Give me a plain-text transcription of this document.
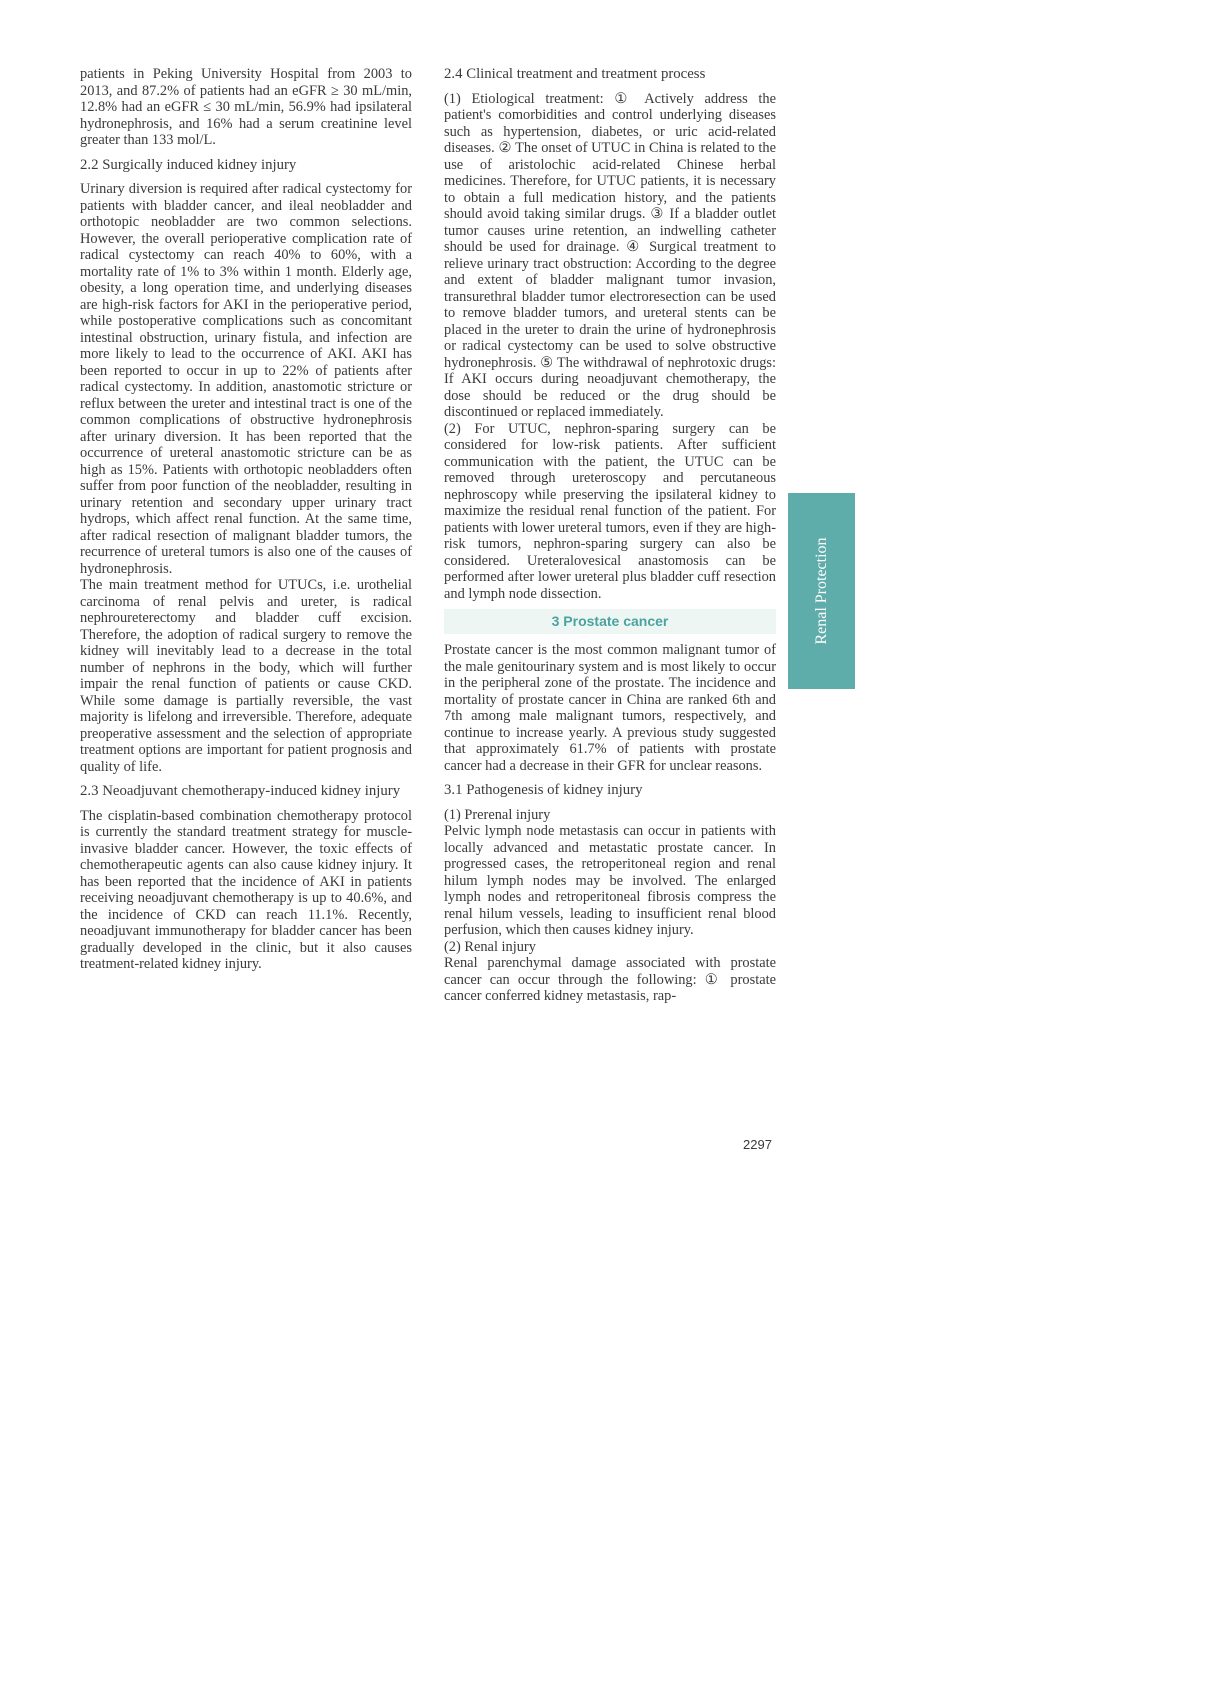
patients in Peking University Hospital from 2003 to 2013, and 87.2% of patients had an eGFR ≥ 30 mL/min, 12.8% had an eGFR ≤ 30 mL/min, 56.9% had ipsilateral hydronephrosis, and 16% had a serum creatinine level greater than 133 mol/L.

2.2 Surgically induced kidney injury

Urinary diversion is required after radical cystectomy for patients with bladder cancer, and ileal neobladder and orthotopic neobladder are two common selections. However, the overall perioperative complication rate of radical cystectomy can reach 40% to 60%, with a mortality rate of 1% to 3% within 1 month. Elderly age, obesity, a long operation time, and underlying diseases are high-risk factors for AKI in the perioperative period, while postoperative complications such as concomitant intestinal obstruction, urinary fistula, and infection are more likely to lead to the occurrence of AKI. AKI has been reported to occur in up to 22% of patients after radical cystectomy. In addition, anastomotic stricture or reflux between the ureter and intestinal tract is one of the common complications of obstructive hydronephrosis after urinary diversion. It has been reported that the occurrence of ureteral anastomotic stricture can be as high as 15%. Patients with orthotopic neobladders often suffer from poor function of the neobladder, resulting in urinary retention and secondary upper urinary tract hydrops, which affect renal function. At the same time, after radical resection of malignant bladder tumors, the recurrence of ureteral tumors is also one of the causes of hydronephrosis.

The main treatment method for UTUCs, i.e. urothelial carcinoma of renal pelvis and ureter, is radical nephroureterectomy and bladder cuff excision. Therefore, the adoption of radical surgery to remove the kidney will inevitably lead to a decrease in the total number of nephrons in the body, which will further impair the renal function of patients or cause CKD. While some damage is partially reversible, the vast majority is lifelong and irreversible. Therefore, adequate preoperative assessment and the selection of appropriate treatment options are important for patient prognosis and quality of life.

2.3 Neoadjuvant chemotherapy-induced kidney injury

The cisplatin-based combination chemotherapy protocol is currently the standard treatment strategy for muscle-invasive bladder cancer. However, the toxic effects of chemotherapeutic agents can also cause kidney injury. It has been reported that the incidence of AKI in patients receiving neoadjuvant chemotherapy is up to 40.6%, and the incidence of CKD can reach 11.1%. Recently, neoadjuvant immunotherapy for bladder cancer has been gradually developed in the clinic, but it also causes treatment-related kidney injury.

2.4 Clinical treatment and treatment process

(1) Etiological treatment: ① Actively address the patient's comorbidities and control underlying diseases such as hypertension, diabetes, or uric acid-related diseases. ② The onset of UTUC in China is related to the use of aristolochic acid-related Chinese herbal medicines. Therefore, for UTUC patients, it is necessary to obtain a full medication history, and the patients should avoid taking similar drugs. ③ If a bladder outlet tumor causes urine retention, an indwelling catheter should be used for drainage. ④ Surgical treatment to relieve urinary tract obstruction: According to the degree and extent of bladder malignant tumor invasion, transurethral bladder tumor electroresection can be used to remove bladder tumors, and ureteral stents can be placed in the ureter to drain the urine of hydronephrosis or radical cystectomy can be used to solve obstructive hydronephrosis. ⑤ The withdrawal of nephrotoxic drugs: If AKI occurs during neoadjuvant chemotherapy, the dose should be reduced or the drug should be discontinued or replaced immediately.

(2) For UTUC, nephron-sparing surgery can be considered for low-risk patients. After sufficient communication with the patient, the UTUC can be removed through ureteroscopy and percutaneous nephroscopy while preserving the ipsilateral kidney to maximize the residual renal function of the patient. For patients with lower ureteral tumors, even if they are high-risk tumors, nephron-sparing surgery can also be considered. Ureteralovesical anastomosis can be performed after lower ureteral plus bladder cuff resection and lymph node dissection.

3 Prostate cancer

Prostate cancer is the most common malignant tumor of the male genitourinary system and is most likely to occur in the peripheral zone of the prostate. The incidence and mortality of prostate cancer in China are ranked 6th and 7th among male malignant tumors, respectively, and continue to increase yearly. A previous study suggested that approximately 61.7% of patients with prostate cancer had a decrease in their GFR for unclear reasons.

3.1 Pathogenesis of kidney injury

(1) Prerenal injury

Pelvic lymph node metastasis can occur in patients with locally advanced and metastatic prostate cancer. In progressed cases, the retroperitoneal region and renal hilum lymph nodes may be involved. The enlarged lymph nodes and retroperitoneal fibrosis compress the renal hilum vessels, leading to insufficient renal blood perfusion, which then causes kidney injury.

(2) Renal injury

Renal parenchymal damage associated with prostate cancer can occur through the following: ① prostate cancer conferred kidney metastasis, rap-

Renal Protection
2297
